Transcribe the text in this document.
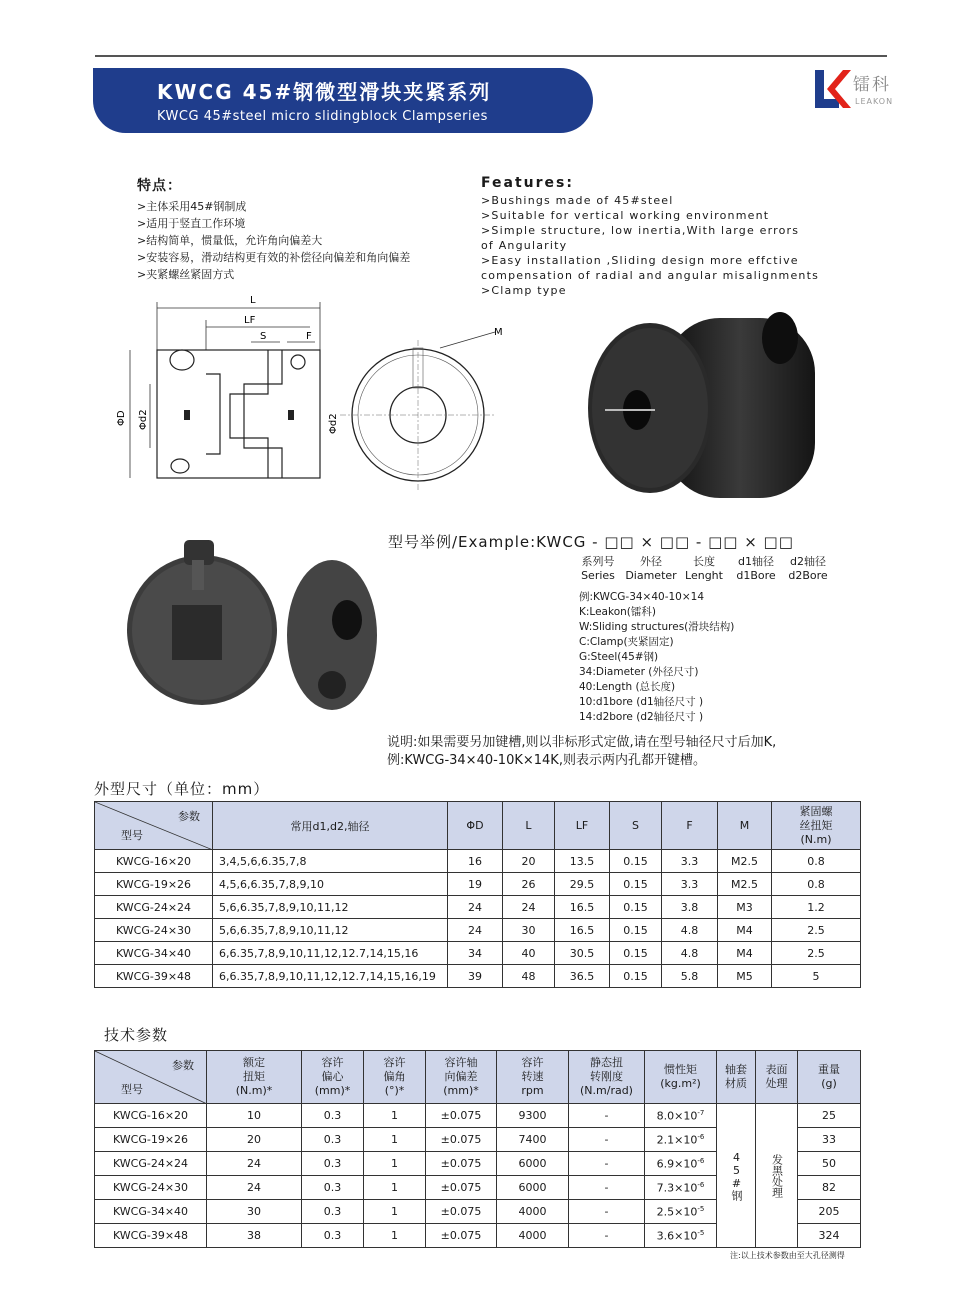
KWCG 45#钢微型滑块夹紧系列
KWCG 45#steel micro slidingblock Clampseries
镭科
LEAKON
特点：
>主体采用45#钢制成
>适用于竖直工作环境
>结构简单，惯量低，允许角向偏差大
>安装容易，滑动结构更有效的补偿径向偏差和角向偏差
>夹紧螺丝紧固方式
Features:
>Bushings made of 45#steel
>Suitable for vertical working environment
>Simple structure, low inertia,With large errors
of Angularity
>Easy installation ,Sliding design more effctive
compensation of radial and angular misalignments
>Clamp type
L
LF
S	F
ΦD Φd2
M
Φd2
型号举例/Example:KWCG - □□ × □□ - □□ × □□
系列号
Series
外径
Diameter
长度
Lenght
d1轴径
d1Bore
d2轴径
d2Bore
例:KWCG-34×40-10×14
K:Leakon(镭科)
W:Sliding structures(滑块结构)
C:Clamp(夹紧固定)
G:Steel(45#钢)
34:Diameter (外径尺寸)
40:Length (总长度)
10:d1bore (d1轴径尺寸 )
14:d2bore (d2轴径尺寸 )
说明:如果需要另加键槽,则以非标形式定做,请在型号轴径尺寸后加K,
例:KWCG-34×40-10K×14K,则表示两内孔都开键槽。
外型尺寸（单位：mm）
参数
型号	常用d1,d2,轴径	ΦD	L	LF	S	F	M	紧固螺
丝扭矩
(N.m)
KWCG-16×20	3,4,5,6,6.35,7,8	16	20	13.5	0.15	3.3	M2.5	0.8
KWCG-19×26	4,5,6,6.35,7,8,9,10	19	26	29.5	0.15	3.3	M2.5	0.8
KWCG-24×24	5,6,6.35,7,8,9,10,11,12	24	24	16.5	0.15	3.8	M3	1.2
KWCG-24×30	5,6,6.35,7,8,9,10,11,12	24	30	16.5	0.15	4.8	M4	2.5
KWCG-34×40	6,6.35,7,8,9,10,11,12,12.7,14,15,16	34	40	30.5	0.15	4.8	M4	2.5
KWCG-39×48	6,6.35,7,8,9,10,11,12,12.7,14,15,16,19	39	48	36.5	0.15	5.8	M5	5
技术参数
参数
型号	额定
扭矩
(N.m)*	容许
偏心
(mm)*	容许
偏角
(°)*	容许轴
向偏差
(mm)*	容许
转速
rpm	静态扭
转刚度
(N.m/rad)	惯性矩
(kg.m²)	轴套
材质	表面
处理	重量
(g)
KWCG-16×20	10	0.3	1	±0.075	9300	-	$8.0\times 10^{-7}$	45#钢	发黑处理	25
KWCG-19×26	20	0.3	1	±0.075	7400	-	$2.1\times 10^{-6}$			33
KWCG-24×24	24	0.3	1	±0.075	6000	-	$6.9\times 10^{-6}$			50
KWCG-24×30	24	0.3	1	±0.075	6000	-	$7.3\times 10^{-6}$			82
KWCG-34×40	30	0.3	1	±0.075	4000	-	$2.5\times 10^{-5}$			205
KWCG-39×48	38	0.3	1	±0.075	4000	-	$3.6\times 10^{-5}$			324
注:以上技术参数由至大孔径测得
